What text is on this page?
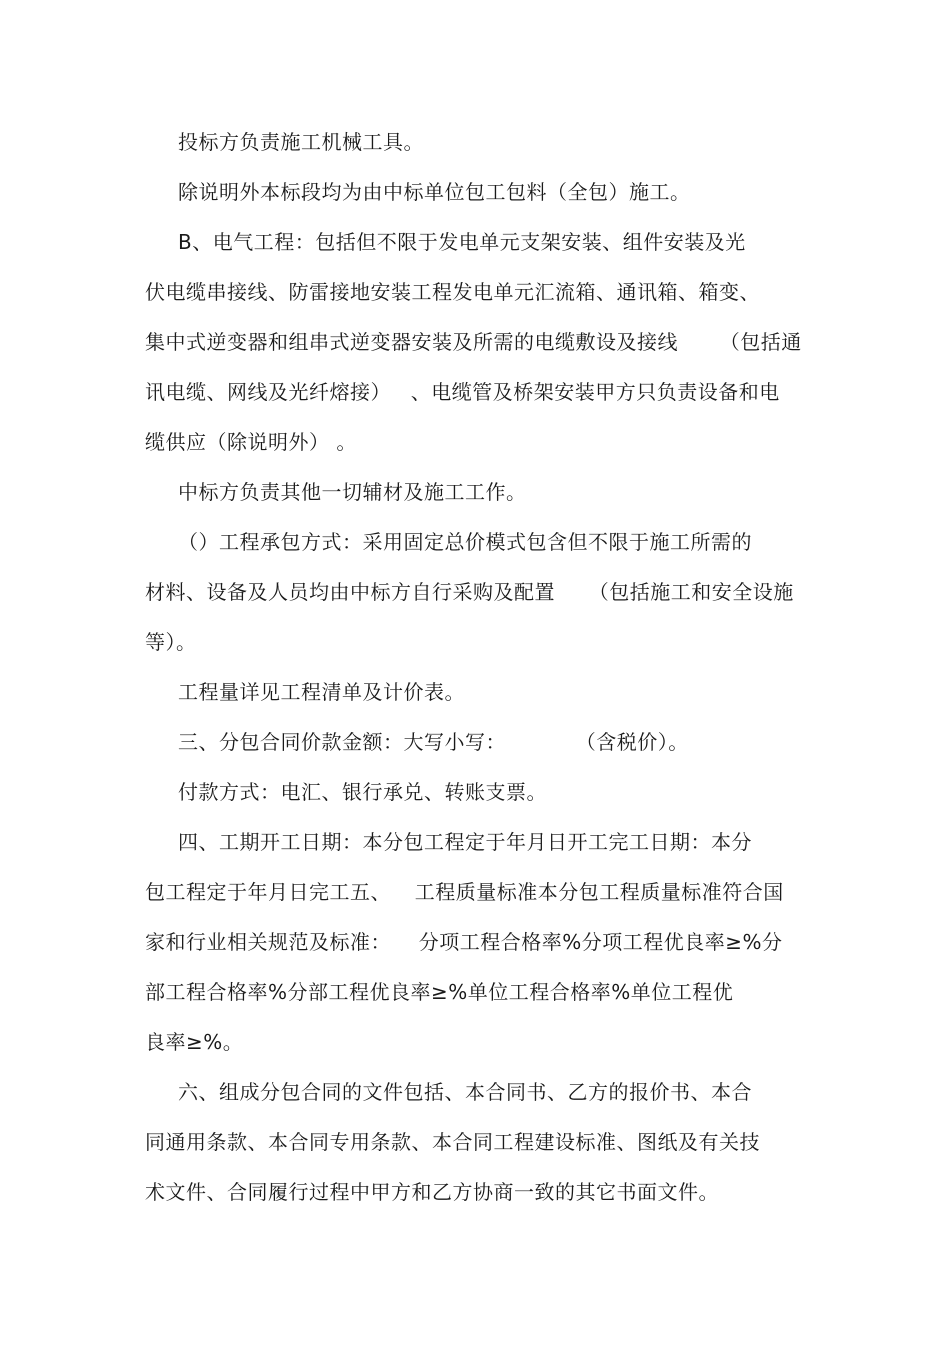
投标方负责施工机械工具。
除说明外本标段均为由中标单位包工包料（全包）施工。
B、电气工程：包括但不限于发电单元支架安装、组件安装及光
伏电缆串接线、防雷接地安装工程发电单元汇流箱、通讯箱、箱变、
集中式逆变器和组串式逆变器安装及所需的电缆敷设及接线 （包括通
讯电缆、网线及光纤熔接） 、电缆管及桥架安装甲方只负责设备和电
缆供应（除说明外） 。
中标方负责其他一切辅材及施工工作。
（）工程承包方式：采用固定总价模式包含但不限于施工所需的
材料、设备及人员均由中标方自行采购及配置 （包括施工和安全设施
等）。
工程量详见工程清单及计价表。
三、分包合同价款金额：大写小写：	（含税价）。
付款方式：电汇、银行承兑、转账支票。
四、工期开工日期：本分包工程定于年月日开工完工日期：本分
包工程定于年月日完工五、 工程质量标准本分包工程质量标准符合国
家和行业相关规范及标准： 分项工程合格率%分项工程优良率≥%分
部工程合格率%分部工程优良率≥%单位工程合格率%单位工程优
良率≥%。
六、组成分包合同的文件包括、本合同书、乙方的报价书、本合
同通用条款、本合同专用条款、本合同工程建设标准、图纸及有关技
术文件、合同履行过程中甲方和乙方协商一致的其它书面文件。
